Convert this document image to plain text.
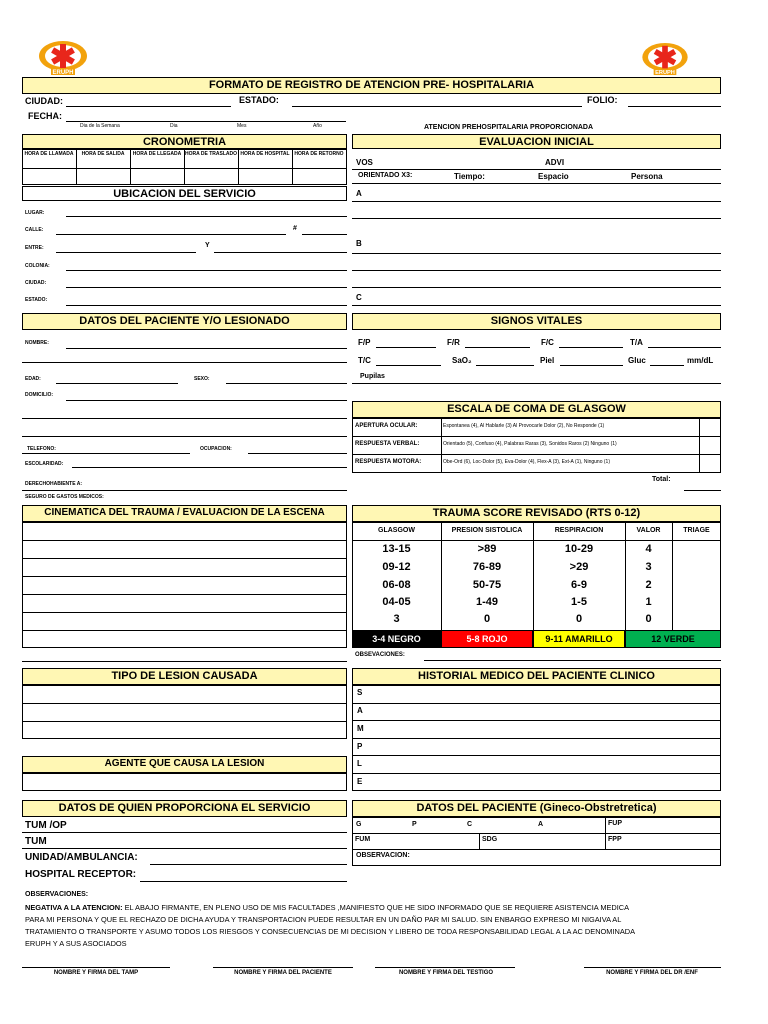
ERUPH	ERUPH
FORMATO DE REGISTRO DE ATENCION PRE- HOSPITALARIA
CIUDAD:	ESTADO:	FOLIO:
FECHA:
Dia de la Semana	Dia	Mes	Año	ATENCION PREHOSPITALARIA PROPORCIONADA
CRONOMETRIA
HORA DE LLAMADA	HORA DE SALIDA	HORA DE LLEGADA HORA DE TRASLADO HORA DE HOSPITAL HORA DE RETORNO
EVALUACION INICIAL
VOS	ADVI
ORIENTADO X3:	Tiempo:	Espacio	Persona
A
B
C
UBICACION DEL SERVICIO
LUGAR:
CALLE:	#
ENTRE:	Y
COLONIA:
CIUDAD:
ESTADO:
DATOS DEL PACIENTE Y/O LESIONADO
NOMBRE:
EDAD:	SEXO:
DOMICILIO:
TELEFONO:	OCUPACION:
ESCOLARIDAD:
DERECHOHABIENTE A:
SEGURO DE GASTOS MEDICOS:
SIGNOS VITALES
F/P	F/R	F/C	T/A
T/C	SaO₂	Piel	Gluc	mm/dL
Pupilas
ESCALA DE COMA DE GLASGOW
APERTURA OCULAR:	Espontanea (4), Al Hablarle (3) Al Provocarle Dolor (2), No Responde (1)
RESPUESTA VERBAL:	Orientado (5), Confuso (4), Palabras Raras (3), Sonidos Raros (2) Ninguno (1)
RESPUESTA MOTORA:	Obe-Ord (6), Loc-Dolor (5), Eva-Dolor (4), Flex-A (3), Ext-A (1), Ninguno (1)
Total:
CINEMATICA DEL TRAUMA / EVALUACION DE LA ESCENA	TRAUMA SCORE REVISADO (RTS 0-12)
GLASGOW	PRESION SISTOLICA	RESPIRACION	VALOR	TRIAGE
13-15	>89	10-29	4
09-12	76-89	>29	3
06-08	50-75	6-9	2
04-05	1-49	1-5	1
3	0	0	0
3-4 NEGRO	5-8 ROJO	9-11 AMARILLO	12 VERDE
OBSEVACIONES:
TIPO DE LESION CAUSADA
AGENTE QUE CAUSA LA LESION
HISTORIAL MEDICO DEL PACIENTE CLINICO
S
A
M
P
L
E
DATOS DE QUIEN PROPORCIONA EL SERVICIO
TUM /OP
TUM
UNIDAD/AMBULANCIA:
HOSPITAL RECEPTOR:
DATOS DEL PACIENTE (Gineco-Obstretretica)
G	P	C	A	FUP
FUM	SDG	FPP
OBSERVACION:
OBSERVACIONES:
NEGATIVA A LA ATENCION: EL ABAJO FIRMANTE, EN PLENO USO DE MIS FACULTADES ,MANIFIESTO QUE HE SIDO INFORMADO QUE SE REQUIERE ASISTENCIA MEDICA
PARA MI PERSONA Y QUE EL RECHAZO DE DICHA AYUDA Y TRANSPORTACION PUEDE RESULTAR EN UN DAÑO PAR MI SALUD. SIN ENBARGO EXPRESO MI NIGAIVA AL
TRATAMIENTO O TRANSPORTE Y ASUMO TODOS LOS RIESGOS Y CONSECUENCIAS DE MI DECISION Y LIBERO DE TODA RESPONSABILIDAD LEGAL A LA AC DENOMINADA
ERUPH Y A SUS ASOCIADOS
NOMBRE Y FIRMA DEL TAMP	NOMBRE Y FIRMA DEL PACIENTE	NOMBRE Y FIRMA DEL TESTIGO	NOMBRE Y FIRMA DEL DR /ENF
